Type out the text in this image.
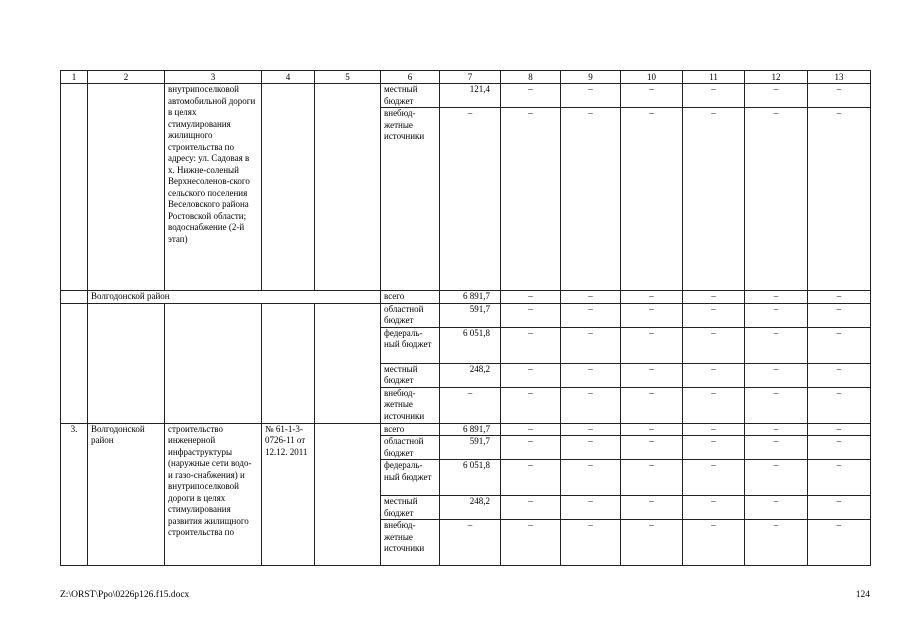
1	2	3	4	5	6	7	8	9	10	11	12	13
		внутрипоселковой автомобильной дороги в целях стимулирования жилищного строительства по адресу: ул. Садовая в х. Нижне-соленый Верхнесоленов-ского сельского поселения Веселовского района Ростовской области; водоснабжение (2-й этап)			местный бюджет	121,4	–	–	–	–	–	–
					внебюд-жетные источники	–	–	–	–	–	–	–
	Волгодонской район				всего	6 891,7	–	–	–	–	–	–
					областной бюджет	591,7	–	–	–	–	–	–
					федераль-ный бюджет	6 051,8	–	–	–	–	–	–
					местный бюджет	248,2	–	–	–	–	–	–
					внебюд-жетные источники	–	–	–	–	–	–	–
3.	Волгодонской район	строительство инженерной инфраструктуры (наружные сети водо- и газо-снабжения) и внутрипоселковой дороги в целях стимулирования развития жилищного строительства по	№ 61-1-3-0726-11 от 12.12. 2011		всего	6 891,7	–	–	–	–	–	–
					областной бюджет	591,7	–	–	–	–	–	–
					федераль-ный бюджет	6 051,8	–	–	–	–	–	–
					местный бюджет	248,2	–	–	–	–	–	–
					внебюд-жетные источники	–	–	–	–	–	–	–
Z:\ORST\Ppo\0226p126.f15.docx	124
